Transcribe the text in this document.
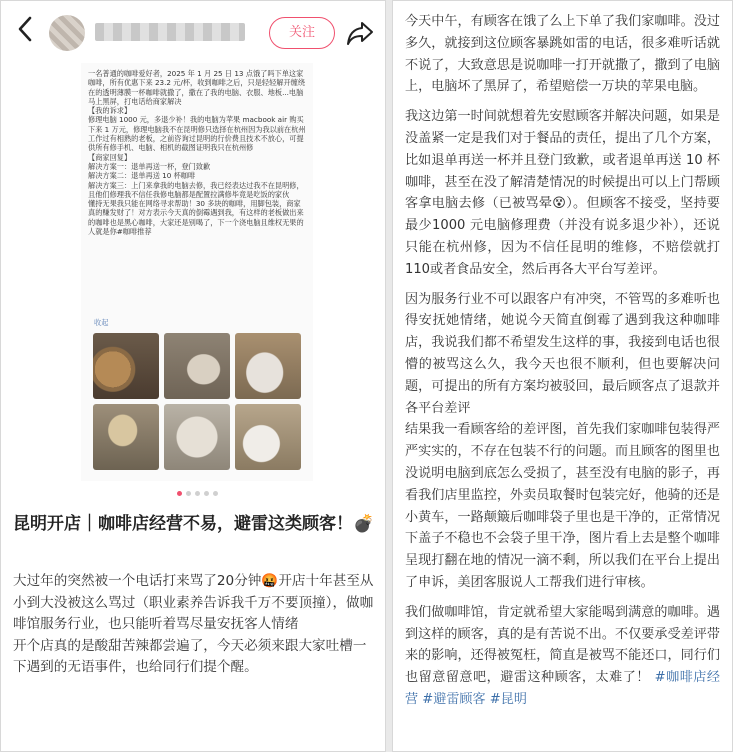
关注

一名普通的咖啡爱好者，2025 年 1 月 25 日 13 点饿了吗下单这家咖啡，所有优惠下来 23.2 元/杯，收到咖啡之后，只是轻轻解开缠绕在的透明薄膜一杯咖啡就撒了，撒在了我的电脑、衣服、地板...电脑马上黑屏，打电话给商家解决

【我的诉求】

修理电脑 1000 元，多退少补！我的电脑为苹果 macbook air 购买下来 1 万元，修理电脑我不在昆明修只选择在杭州因为我以前在杭州工作过有相熟的老板，之前咨询过昆明的行价费且技术不放心，可提供所有修手机、电脑、相机的截图证明我只在杭州修

【商家回复】

解决方案一：退单再送一杯，登门致歉

解决方案二：退单再送 10 杯咖啡

解决方案三：上门来拿我的电脑去修，我已经表达过我不在昆明修，且他们修理我不信任我修电脑都是配置拉满修毕竟是吃饭的家伙

懂持无果我只能在网络寻求帮助！30 多块的咖啡，用脚包装，商家真的赚发财了！对方表示今天真的倒霉遇到我，有这样的老板做出来的咖啡也是黑心咖啡，大家还是别喝了，下一个浇电脑且维权无果的人就是你#咖啡推荐

收起
昆明开店｜咖啡店经营不易，避雷这类顾客！💣

大过年的突然被一个电话打来骂了20分钟🤬开店十年甚至从小到大没被这么骂过（职业素养告诉我千万不要顶撞），做咖啡馆服务行业，也只能听着骂尽量安抚客人情绪

开个店真的是酸甜苦辣都尝遍了，今天必须来跟大家吐槽一下遇到的无语事件，也给同行们提个醒。

今天中午，有顾客在饿了么上下单了我们家咖啡。没过多久，就接到这位顾客暴跳如雷的电话，很多难听话就不说了，大致意思是说咖啡一打开就撒了，撒到了电脑上，电脑坏了黑屏了，希望赔偿一万块的苹果电脑。

我这边第一时间就想着先安慰顾客并解决问题，如果是没盖紧一定是我们对于餐品的责任，提出了几个方案，比如退单再送一杯并且登门致歉，或者退单再送 10 杯咖啡，甚至在没了解清楚情况的时候提出可以上门帮顾客拿电脑去修（已被骂晕😵）。但顾客不接受，坚持要最少1000 元电脑修理费（并没有说多退少补），还说只能在杭州修，因为不信任昆明的维修，不赔偿就打110或者食品安全，然后再各大平台写差评。

因为服务行业不可以跟客户有冲突，不管骂的多难听也得安抚她情绪，她说今天简直倒霉了遇到我这种咖啡店，我说我们都不希望发生这样的事，我接到电话也很懵的被骂这么久，我今天也很不顺利，但也要解决问题，可提出的所有方案均被驳回，最后顾客点了退款并各平台差评

结果我一看顾客给的差评图，首先我们家咖啡包装得严严实实的，不存在包装不行的问题。而且顾客的图里也没说明电脑到底怎么受损了，甚至没有电脑的影子，再看我们店里监控，外卖员取餐时包装完好，他骑的还是小黄车，一路颠簸后咖啡袋子里也是干净的，正常情况下盖子不稳也不会袋子里干净，图片看上去是整个咖啡呈现打翻在地的情况一滴不剩，所以我们在平台上提出了申诉，美团客服说人工帮我们进行审核。

我们做咖啡馆，肯定就希望大家能喝到满意的咖啡。遇到这样的顾客，真的是有苦说不出。不仅要承受差评带来的影响，还得被冤枉，简直是被骂不能还口，同行们也留意留意吧，避雷这种顾客，太难了！ #咖啡店经营 #避雷顾客 #昆明
